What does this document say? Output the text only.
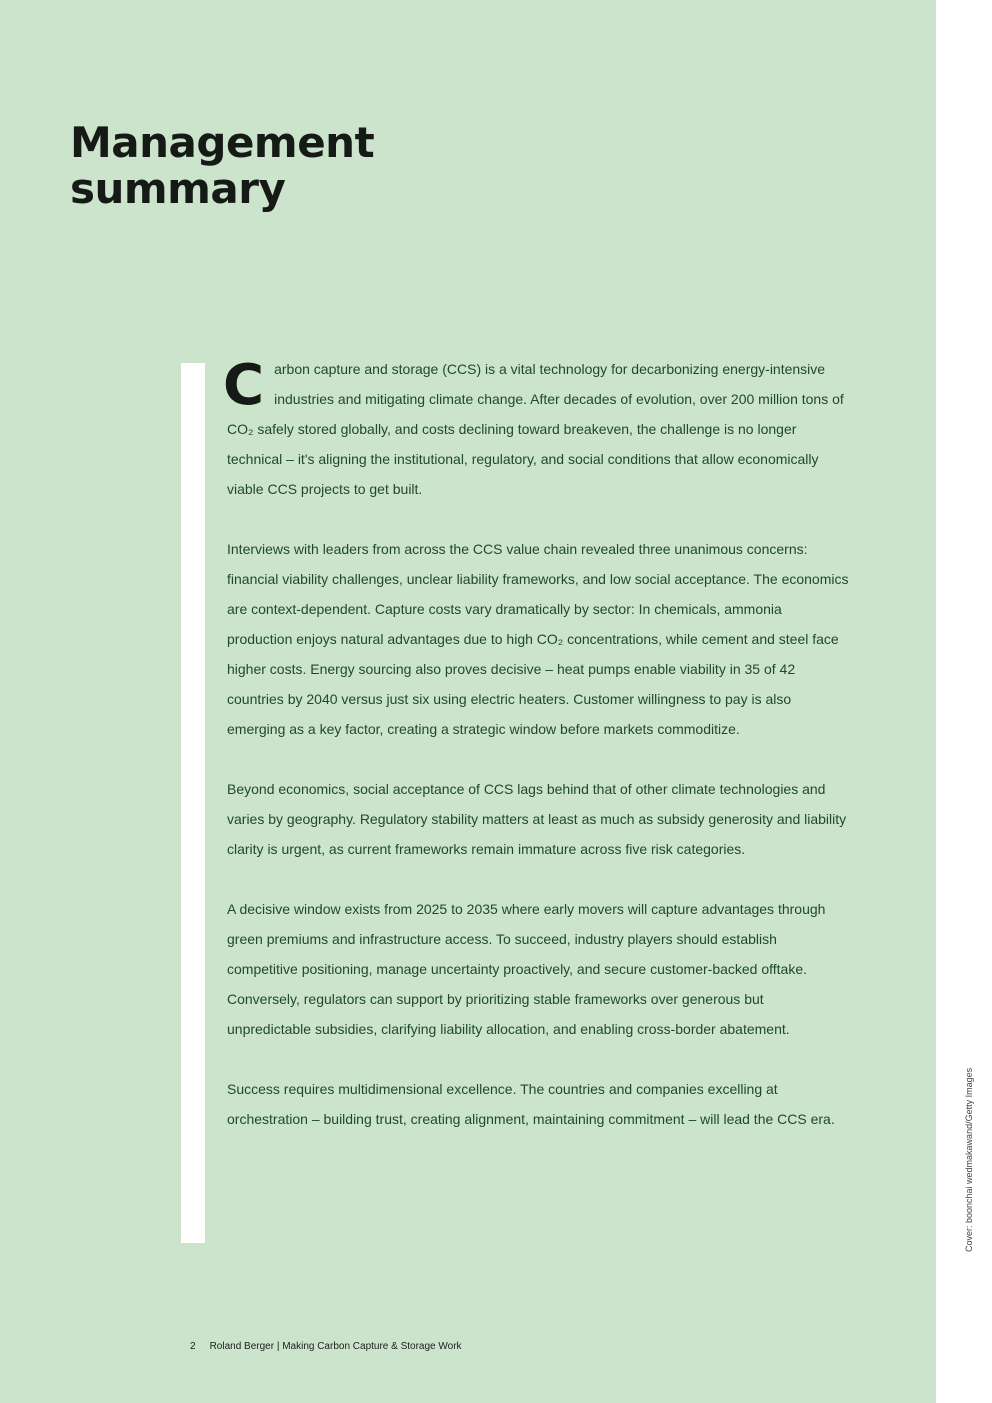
Management
summary

Carbon capture and storage (CCS) is a vital technology for decarbonizing energy-intensive industries and mitigating climate change. After decades of evolution, over 200 million tons of CO₂ safely stored globally, and costs declining toward breakeven, the challenge is no longer technical – it's aligning the institutional, regulatory, and social conditions that allow economically viable CCS projects to get built.

Interviews with leaders from across the CCS value chain revealed three unanimous concerns: financial viability challenges, unclear liability frameworks, and low social acceptance. The economics are context-dependent. Capture costs vary dramatically by sector: In chemicals, ammonia production enjoys natural advantages due to high CO₂ concentrations, while cement and steel face higher costs. Energy sourcing also proves decisive – heat pumps enable viability in 35 of 42 countries by 2040 versus just six using electric heaters. Customer willingness to pay is also emerging as a key factor, creating a strategic window before markets commoditize.

Beyond economics, social acceptance of CCS lags behind that of other climate technologies and varies by geography. Regulatory stability matters at least as much as subsidy generosity and liability clarity is urgent, as current frameworks remain immature across five risk categories.

A decisive window exists from 2025 to 2035 where early movers will capture advantages through green premiums and infrastructure access. To succeed, industry players should establish competitive positioning, manage uncertainty proactively, and secure customer-backed offtake. Conversely, regulators can support by prioritizing stable frameworks over generous but unpredictable subsidies, clarifying liability allocation, and enabling cross-border abatement.

Success requires multidimensional excellence. The countries and companies excelling at orchestration – building trust, creating alignment, maintaining commitment – will lead the CCS era.

2 Roland Berger | Making Carbon Capture & Storage Work
Cover: boonchai wedmakawand/Getty Images
